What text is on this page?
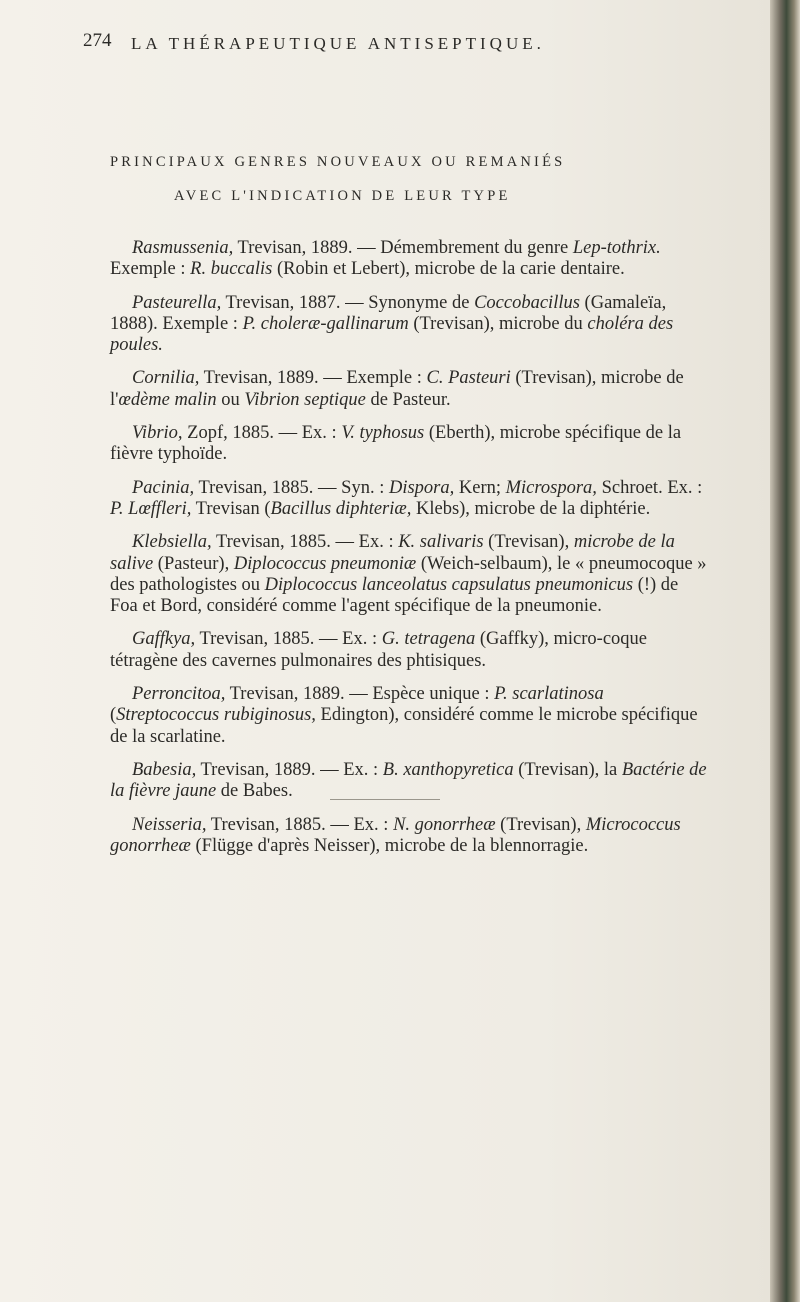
274 LA THÉRAPEUTIQUE ANTISEPTIQUE.
PRINCIPAUX GENRES NOUVEAUX OU REMANIÉS
AVEC L'INDICATION DE LEUR TYPE

Rasmussenia, Trevisan, 1889. — Démembrement du genre Lep-tothrix. Exemple : R. buccalis (Robin et Lebert), microbe de la carie dentaire.

Pasteurella, Trevisan, 1887. — Synonyme de Coccobacillus (Gamaleïa, 1888). Exemple : P. choleræ-gallinarum (Trevisan), microbe du choléra des poules.

Cornilia, Trevisan, 1889. — Exemple : C. Pasteuri (Trevisan), microbe de l'œdème malin ou Vibrion septique de Pasteur.

Vibrio, Zopf, 1885. — Ex. : V. typhosus (Eberth), microbe spécifique de la fièvre typhoïde.

Pacinia, Trevisan, 1885. — Syn. : Dispora, Kern; Microspora, Schroet. Ex. : P. Lœffleri, Trevisan (Bacillus diphteriæ, Klebs), microbe de la diphtérie.

Klebsiella, Trevisan, 1885. — Ex. : K. salivaris (Trevisan), microbe de la salive (Pasteur), Diplococcus pneumoniæ (Weich-selbaum), le « pneumocoque » des pathologistes ou Diplococcus lanceolatus capsulatus pneumonicus (!) de Foa et Bord, considéré comme l'agent spécifique de la pneumonie.

Gaffkya, Trevisan, 1885. — Ex. : G. tetragena (Gaffky), micro-coque tétragène des cavernes pulmonaires des phtisiques.

Perroncitoa, Trevisan, 1889. — Espèce unique : P. scarlatinosa (Streptococcus rubiginosus, Edington), considéré comme le microbe spécifique de la scarlatine.

Babesia, Trevisan, 1889. — Ex. : B. xanthopyretica (Trevisan), la Bactérie de la fièvre jaune de Babes.

Neisseria, Trevisan, 1885. — Ex. : N. gonorrheæ (Trevisan), Micrococcus gonorrheæ (Flügge d'après Neisser), microbe de la blennorragie.
